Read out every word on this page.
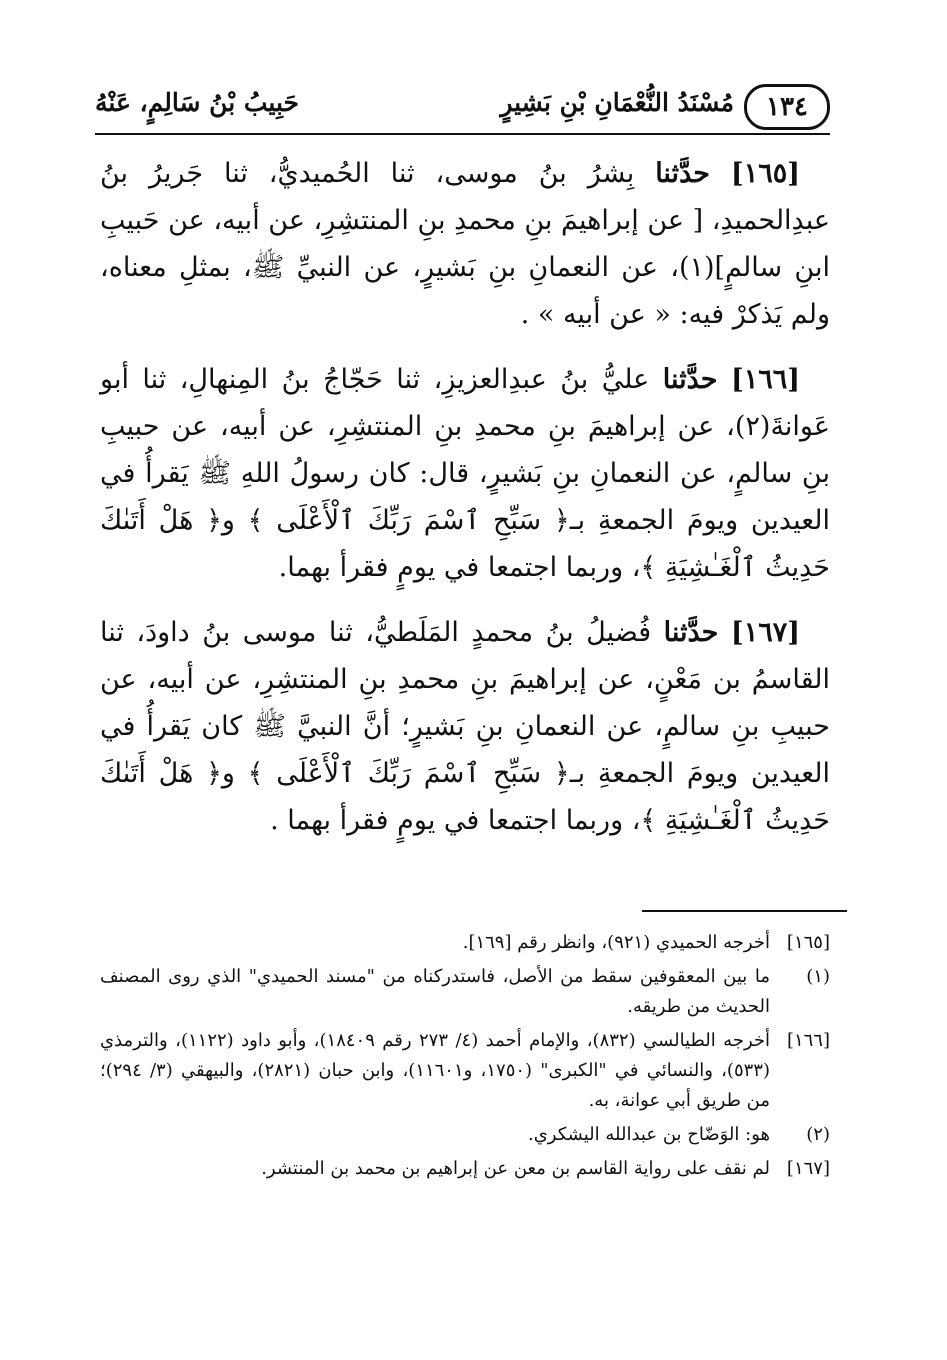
١٣٤
مُسْنَدُ النُّعْمَانِ بْنِ بَشِيرٍ
حَبِيبُ بْنُ سَالِمٍ، عَنْهُ

[١٦٥] حدَّثنا بِشرُ بنُ موسى، ثنا الحُميديُّ، ثنا جَريرُ بنُ عبدِالحميدِ، [ عن إبراهيمَ بنِ محمدِ بنِ المنتشِرِ، عن أبيه، عن حَبيبِ ابنِ سالمٍ](١)، عن النعمانِ بنِ بَشيرٍ، عن النبيِّ ﷺ، بمثلِ معناه، ولم يَذكرْ فيه: « عن أبيه » .

[١٦٦] حدَّثنا عليُّ بنُ عبدِالعزيزِ، ثنا حَجّاجُ بنُ المِنهالِ، ثنا أبو عَوانةَ(٢)، عن إبراهيمَ بنِ محمدِ بنِ المنتشِرِ، عن أبيه، عن حبيبِ بنِ سالمٍ، عن النعمانِ بنِ بَشيرٍ، قال: كان رسولُ اللهِ ﷺ يَقرأُ في العيدين ويومَ الجمعةِ بـ﴿ سَبِّحِ ٱسْمَ رَبِّكَ ٱلْأَعْلَى ﴾ و﴿ هَلْ أَتَىٰكَ حَدِيثُ ٱلْغَـٰشِيَةِ ﴾، وربما اجتمعا في يومٍ فقرأ بهما.

[١٦٧] حدَّثنا فُضيلُ بنُ محمدٍ المَلَطيُّ، ثنا موسى بنُ داودَ، ثنا القاسمُ بن مَعْنٍ، عن إبراهيمَ بنِ محمدِ بنِ المنتشِرِ، عن أبيه، عن حبيبِ بنِ سالمٍ، عن النعمانِ بنِ بَشيرٍ؛ أنَّ النبيَّ ﷺ كان يَقرأُ في العيدين ويومَ الجمعةِ بـ﴿ سَبِّحِ ٱسْمَ رَبِّكَ ٱلْأَعْلَى ﴾ و﴿ هَلْ أَتَىٰكَ حَدِيثُ ٱلْغَـٰشِيَةِ ﴾، وربما اجتمعا في يومٍ فقرأ بهما .

[١٦٥]أخرجه الحميدي (٩٢١)، وانظر رقم [١٦٩].

(١)ما بين المعقوفين سقط من الأصل، فاستدركناه من "مسند الحميدي" الذي روى المصنف الحديث من طريقه.

[١٦٦]أخرجه الطيالسي (٨٣٢)، والإمام أحمد (٤/ ٢٧٣ رقم ١٨٤٠٩)، وأبو داود (١١٢٢)، والترمذي (٥٣٣)، والنسائي في "الكبرى" (١٧٥٠، و١١٦٠١)، وابن حبان (٢٨٢١)، والبيهقي (٣/ ٢٩٤)؛ من طريق أبي عوانة، به.

(٢)هو: الوَضّاح بن عبدالله اليشكري.

[١٦٧]لم نقف على رواية القاسم بن معن عن إبراهيم بن محمد بن المنتشر.
